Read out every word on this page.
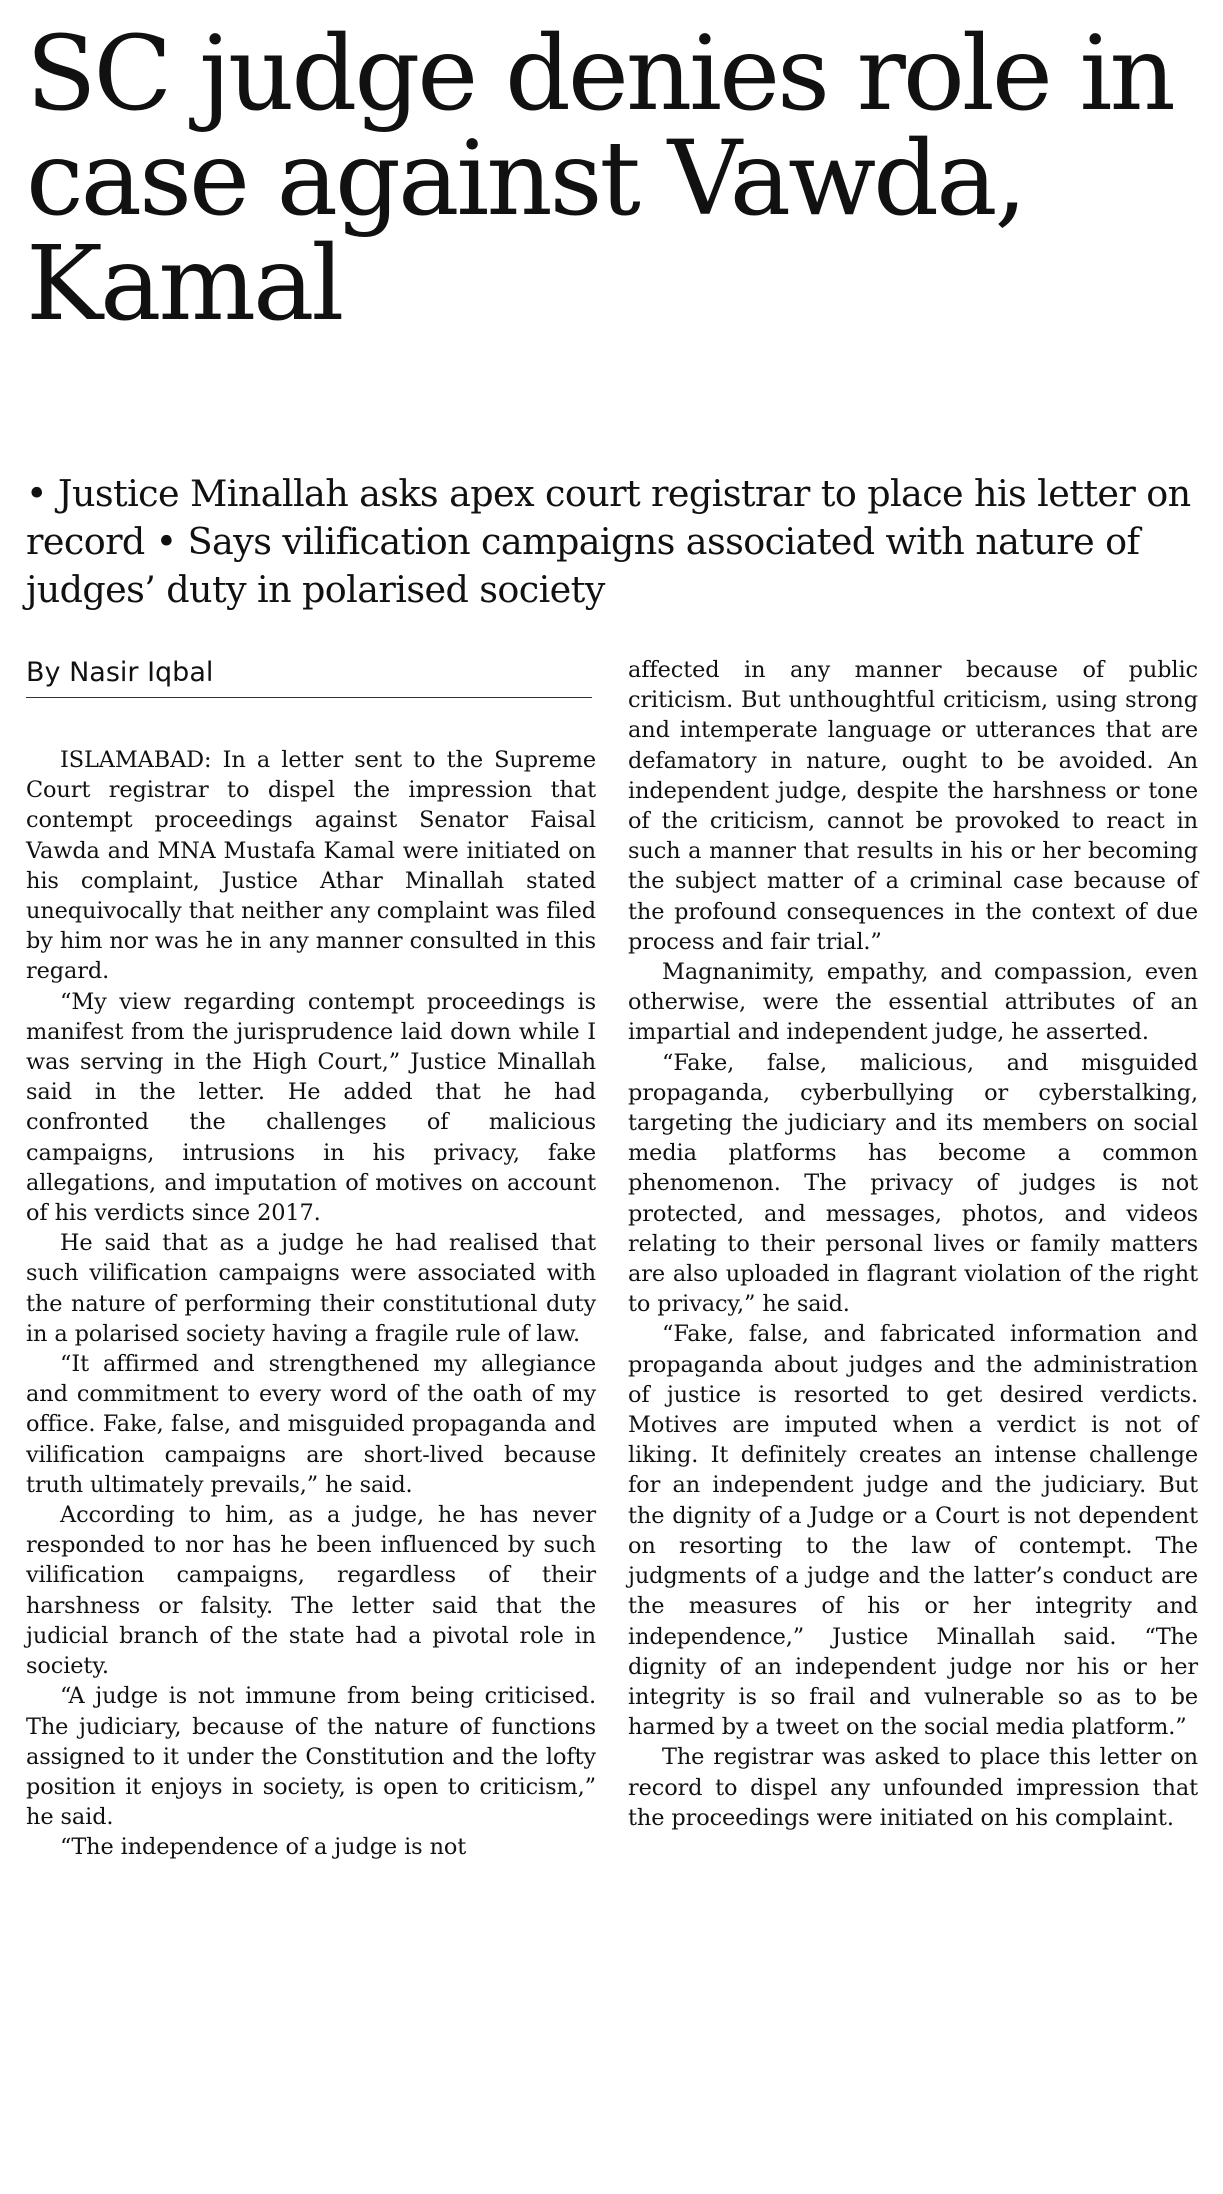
SC judge denies role in case against Vawda, Kamal

• Justice Minallah asks apex court registrar to place his letter on record • Says vilification campaigns associated with nature of judges’ duty in polarised society

By Nasir Iqbal

ISLAMABAD: In a letter sent to the Supreme Court registrar to dispel the impression that contempt proceedings against Senator Faisal Vawda and MNA Mustafa Kamal were initiated on his complaint, Justice Athar Minallah stated unequivocally that neither any complaint was filed by him nor was he in any manner consulted in this regard.

“My view regarding contempt proceedings is manifest from the jurisprudence laid down while I was serving in the High Court,” Justice Minallah said in the letter. He added that he had confronted the challenges of malicious campaigns, intrusions in his privacy, fake allegations, and imputation of motives on account of his verdicts since 2017.

He said that as a judge he had realised that such vilification campaigns were associated with the nature of performing their constitutional duty in a polarised society having a fragile rule of law.

“It affirmed and strengthened my allegiance and commitment to every word of the oath of my office. Fake, false, and misguided propaganda and vilification campaigns are short-lived because truth ultimately prevails,” he said.

According to him, as a judge, he has never responded to nor has he been influenced by such vilification campaigns, regardless of their harshness or falsity. The letter said that the judicial branch of the state had a pivotal role in society.

“A judge is not immune from being criticised. The judiciary, because of the nature of functions assigned to it under the Constitution and the lofty position it enjoys in society, is open to criticism,” he said.

“The independence of a judge is not

affected in any manner because of public criticism. But unthoughtful criticism, using strong and intemperate language or utterances that are defamatory in nature, ought to be avoided. An independent judge, despite the harshness or tone of the criticism, cannot be provoked to react in such a manner that results in his or her becoming the subject matter of a criminal case because of the profound consequences in the context of due process and fair trial.”

Magnanimity, empathy, and compassion, even otherwise, were the essential attributes of an impartial and independent judge, he asserted.

“Fake, false, malicious, and misguided propaganda, cyberbullying or cyberstalking, targeting the judiciary and its members on social media platforms has become a common phenomenon. The privacy of judges is not protected, and messages, photos, and videos relating to their personal lives or family matters are also uploaded in flagrant violation of the right to privacy,” he said.

“Fake, false, and fabricated information and propaganda about judges and the administration of justice is resorted to get desired verdicts. Motives are imputed when a verdict is not of liking. It definitely creates an intense challenge for an independent judge and the judiciary. But the dignity of a Judge or a Court is not dependent on resorting to the law of contempt. The judgments of a judge and the latter’s conduct are the measures of his or her integrity and independence,” Justice Minallah said. “The dignity of an independent judge nor his or her integrity is so frail and vulnerable so as to be harmed by a tweet on the social media platform.”

The registrar was asked to place this letter on record to dispel any unfounded impression that the proceedings were initiated on his complaint.
